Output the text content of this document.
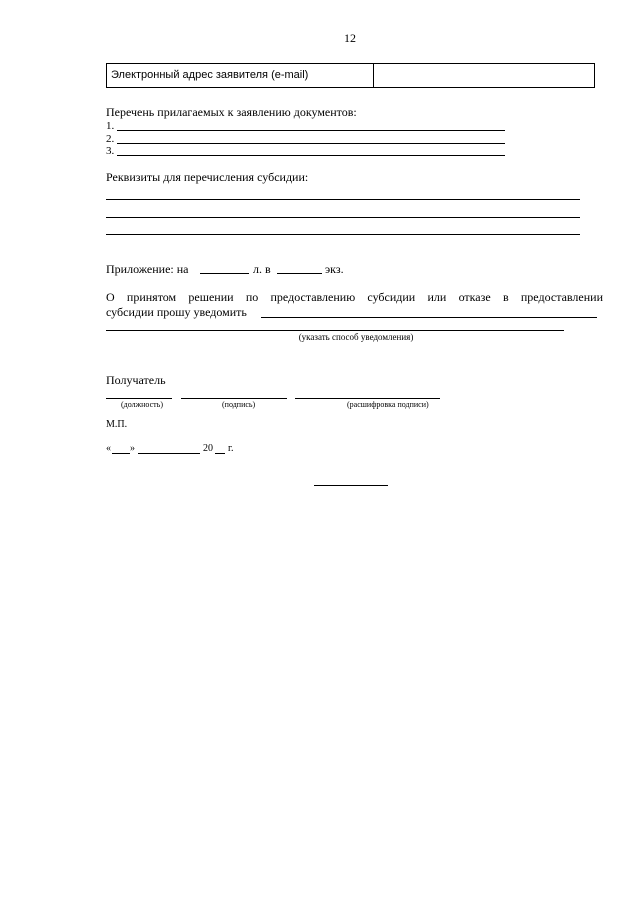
12
Электронный адрес заявителя (e-mail)
Перечень прилагаемых к заявлению документов:
1.
2.
3.
Реквизиты для перечисления субсидии:
Приложение: на	л. в	экз.
О принятом решении по предоставлению субсидии или отказе в предоставлении
субсидии прошу уведомить
(указать способ уведомления)
Получатель
(должность)	(подпись)	(расшифровка подписи)
М.П.
« »	20 г.
